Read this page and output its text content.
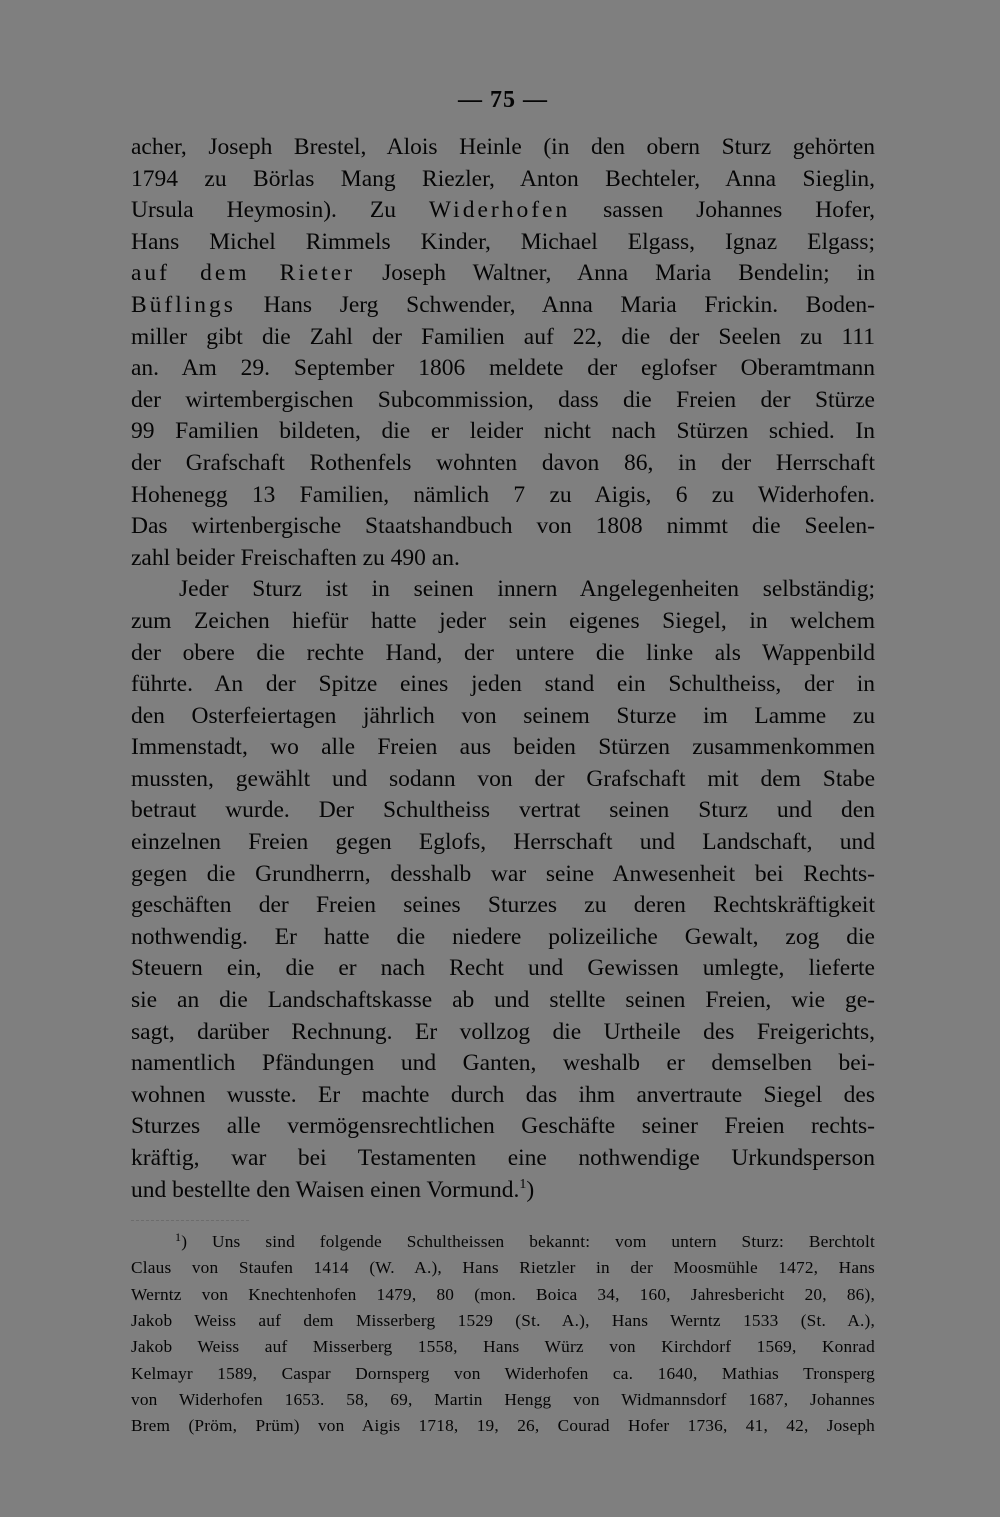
— 75 —
acher, Joseph Brestel, Alois Heinle (in den obern Sturz gehörten
1794 zu Börlas Mang Riezler, Anton Bechteler, Anna Sieglin,
Ursula Heymosin). Zu Widerhofen sassen Johannes Hofer,
Hans Michel Rimmels Kinder, Michael Elgass, Ignaz Elgass;
auf dem Rieter Joseph Waltner, Anna Maria Bendelin; in
Büflings Hans Jerg Schwender, Anna Maria Frickin. Boden-
miller gibt die Zahl der Familien auf 22, die der Seelen zu 111
an. Am 29. September 1806 meldete der eglofser Oberamtmann
der wirtembergischen Subcommission, dass die Freien der Stürze
99 Familien bildeten, die er leider nicht nach Stürzen schied. In
der Grafschaft Rothenfels wohnten davon 86, in der Herrschaft
Hohenegg 13 Familien, nämlich 7 zu Aigis, 6 zu Widerhofen.
Das wirtenbergische Staatshandbuch von 1808 nimmt die Seelen-
zahl beider Freischaften zu 490 an.
Jeder Sturz ist in seinen innern Angelegenheiten selbständig;
zum Zeichen hiefür hatte jeder sein eigenes Siegel, in welchem
der obere die rechte Hand, der untere die linke als Wappenbild
führte. An der Spitze eines jeden stand ein Schultheiss, der in
den Osterfeiertagen jährlich von seinem Sturze im Lamme zu
Immenstadt, wo alle Freien aus beiden Stürzen zusammenkommen
mussten, gewählt und sodann von der Grafschaft mit dem Stabe
betraut wurde. Der Schultheiss vertrat seinen Sturz und den
einzelnen Freien gegen Eglofs, Herrschaft und Landschaft, und
gegen die Grundherrn, desshalb war seine Anwesenheit bei Rechts-
geschäften der Freien seines Sturzes zu deren Rechtskräftigkeit
nothwendig. Er hatte die niedere polizeiliche Gewalt, zog die
Steuern ein, die er nach Recht und Gewissen umlegte, lieferte
sie an die Landschaftskasse ab und stellte seinen Freien, wie ge-
sagt, darüber Rechnung. Er vollzog die Urtheile des Freigerichts,
namentlich Pfändungen und Ganten, weshalb er demselben bei-
wohnen wusste. Er machte durch das ihm anvertraute Siegel des
Sturzes alle vermögensrechtlichen Geschäfte seiner Freien rechts-
kräftig, war bei Testamenten eine nothwendige Urkundsperson
und bestellte den Waisen einen Vormund.$^1$)
$^1$) Uns sind folgende Schultheissen bekannt: vom untern Sturz: Berchtolt
Claus von Staufen 1414 (W. A.), Hans Rietzler in der Moosmühle 1472, Hans
Werntz von Knechtenhofen 1479, 80 (mon. Boica 34, 160, Jahresbericht 20, 86),
Jakob Weiss auf dem Misserberg 1529 (St. A.), Hans Werntz 1533 (St. A.),
Jakob Weiss auf Misserberg 1558, Hans Würz von Kirchdorf 1569, Konrad
Kelmayr 1589, Caspar Dornsperg von Widerhofen ca. 1640, Mathias Tronsperg
von Widerhofen 1653. 58, 69, Martin Hengg von Widmannsdorf 1687, Johannes
Brem (Pröm, Prüm) von Aigis 1718, 19, 26, Courad Hofer 1736, 41, 42, Joseph
